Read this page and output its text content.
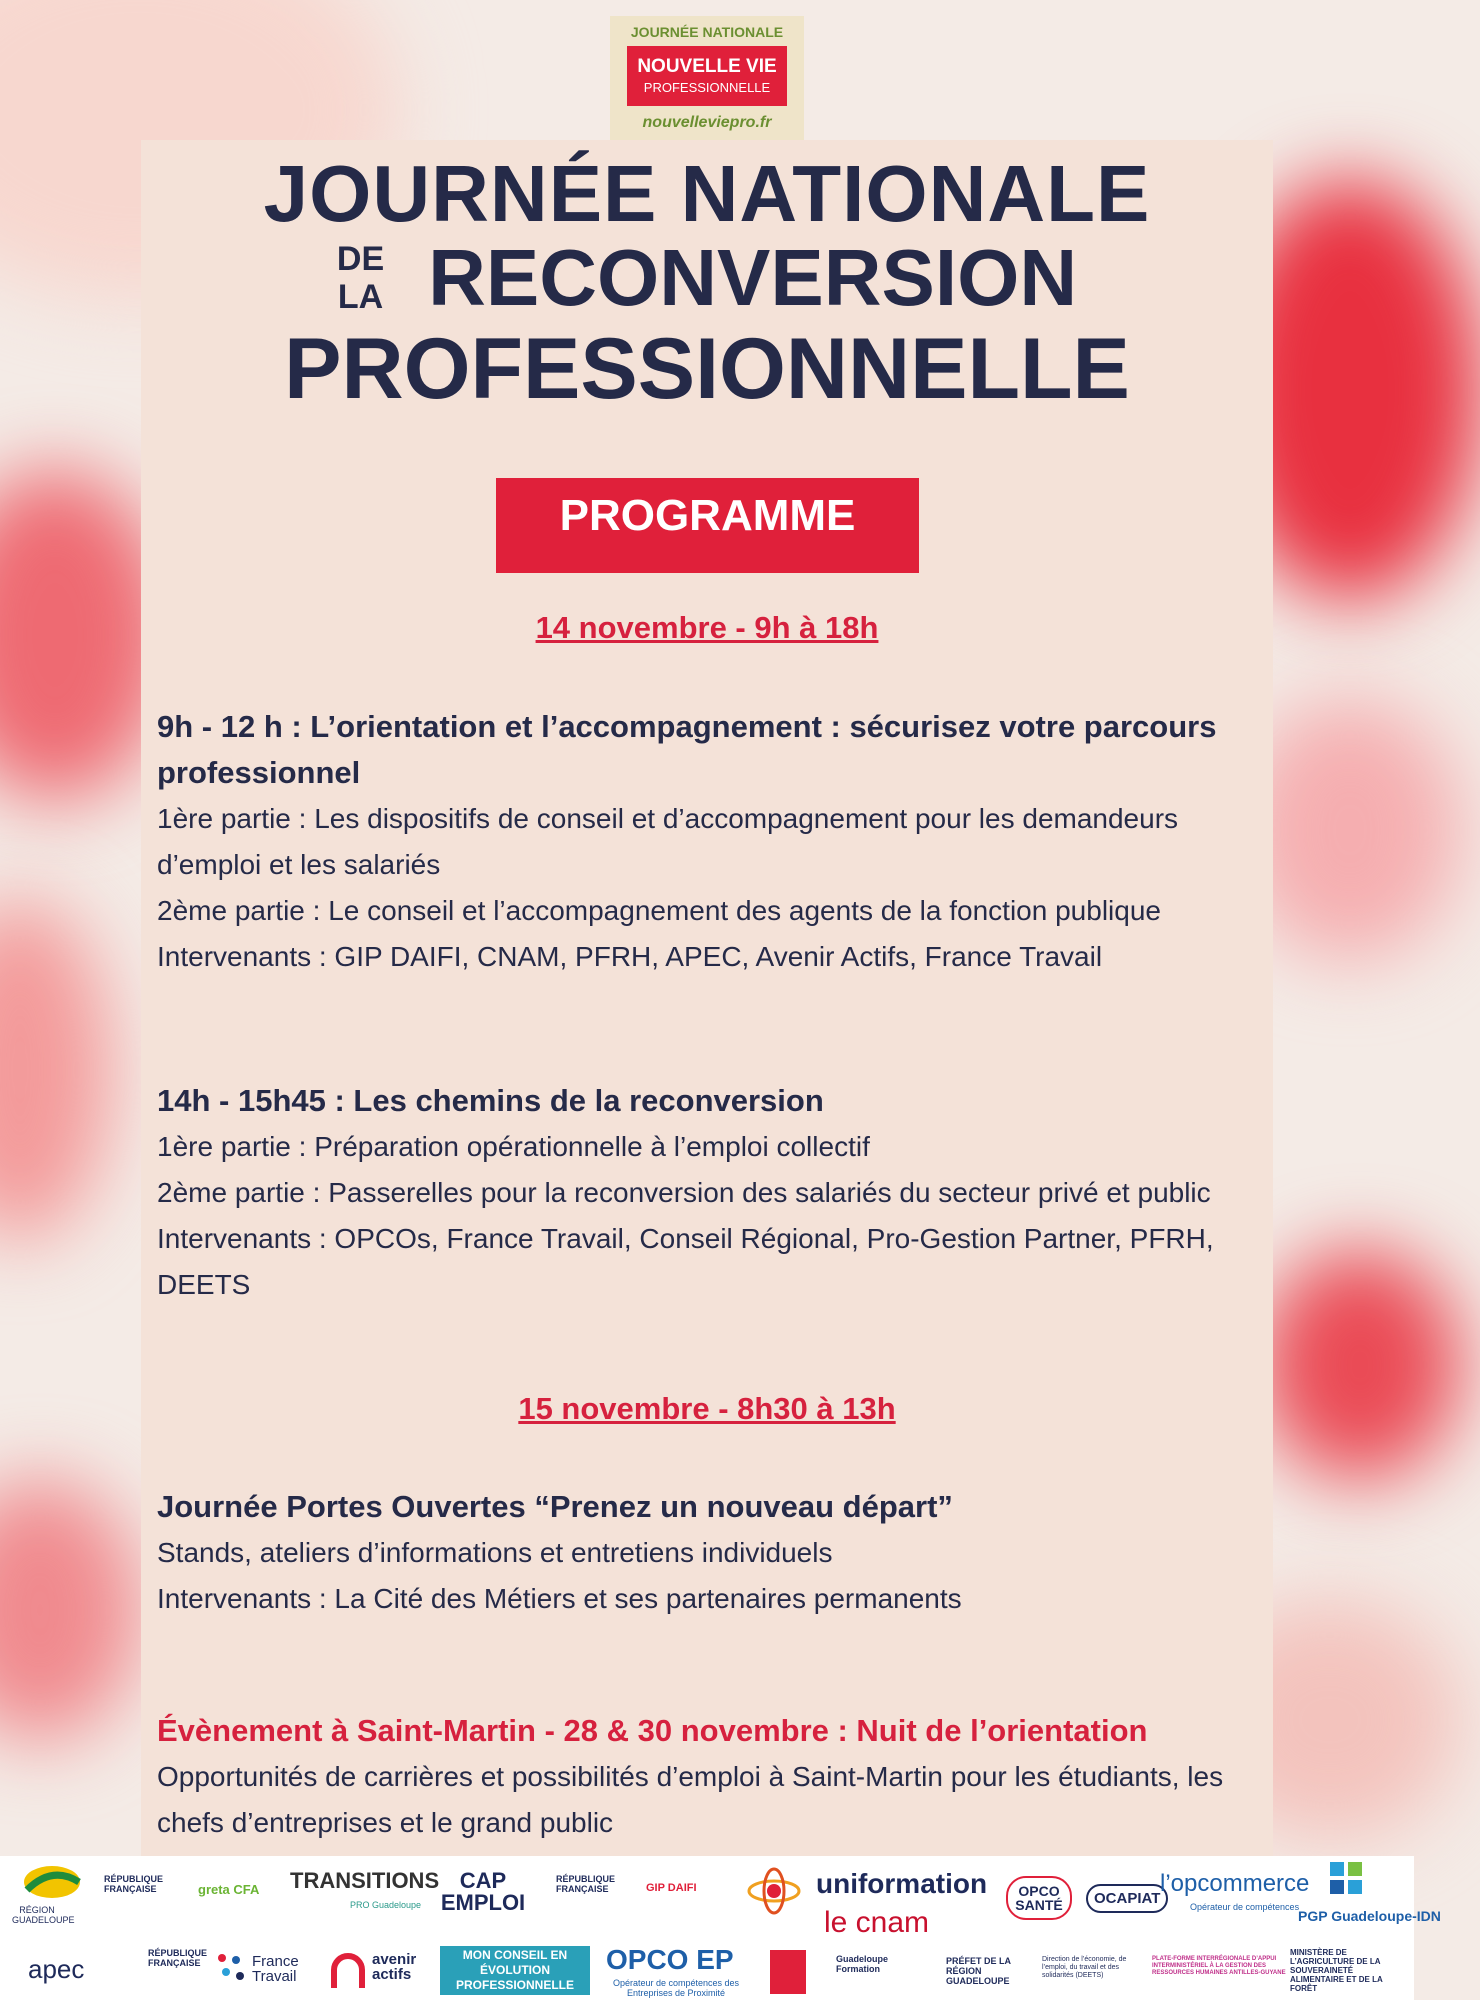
JOURNÉE NATIONALE
NOUVELLE VIE
PROFESSIONNELLE
nouvelleviepro.fr
JOURNÉE NATIONALE
DE
LA RECONVERSION
PROFESSIONNELLE
PROGRAMME
14 novembre - 9h à 18h
9h - 12 h : L’orientation et l’accompagnement : sécurisez votre parcours professionnel
1ère partie : Les dispositifs de conseil et d’accompagnement pour les demandeurs d’emploi et les salariés
2ème partie : Le conseil et l’accompagnement des agents de la fonction publique
Intervenants : GIP DAIFI, CNAM, PFRH, APEC, Avenir Actifs, France Travail
14h - 15h45 : Les chemins de la reconversion
1ère partie : Préparation opérationnelle à l’emploi collectif
2ème partie : Passerelles pour la reconversion des salariés du secteur privé et public
Intervenants : OPCOs, France Travail, Conseil Régional, Pro-Gestion Partner, PFRH, DEETS
15 novembre - 8h30 à 13h
Journée Portes Ouvertes “Prenez un nouveau départ”
Stands, ateliers d’informations et entretiens individuels
Intervenants : La Cité des Métiers et ses partenaires permanents
Évènement à Saint-Martin - 28 & 30 novembre : Nuit de l’orientation
Opportunités de carrières et possibilités d’emploi à Saint-Martin pour les étudiants, les chefs d’entreprises et le grand public
RÉGION GUADELOUPE
RÉPUBLIQUE FRANÇAISE	greta CFA TRANSITIONS
PRO Guadeloupe
CAP EMPLOI
RÉPUBLIQUE FRANÇAISE	GIP DAIFI	uniformation
le cnam
OPCO SANTÉ	OCAPIAT
l’opcommerce
Opérateur de compétences
PGP Guadeloupe-IDN
apec
RÉPUBLIQUE FRANÇAISE	France Travail
avenir actifs
MON CONSEIL EN ÉVOLUTION PROFESSIONNELLE
OPCO EP
Opérateur de compétences des Entreprises de Proximité
Guadeloupe Formation
PRÉFET DE LA RÉGION GUADELOUPE
Direction de l’économie, de l’emploi, du travail et des solidarités (DEETS)
PLATE-FORME INTERRÉGIONALE D’APPUI INTERMINISTÉRIEL À LA GESTION DES RESSOURCES HUMAINES ANTILLES-GUYANE
MINISTÈRE DE L’AGRICULTURE DE LA SOUVERAINETÉ ALIMENTAIRE ET DE LA FORÊT
